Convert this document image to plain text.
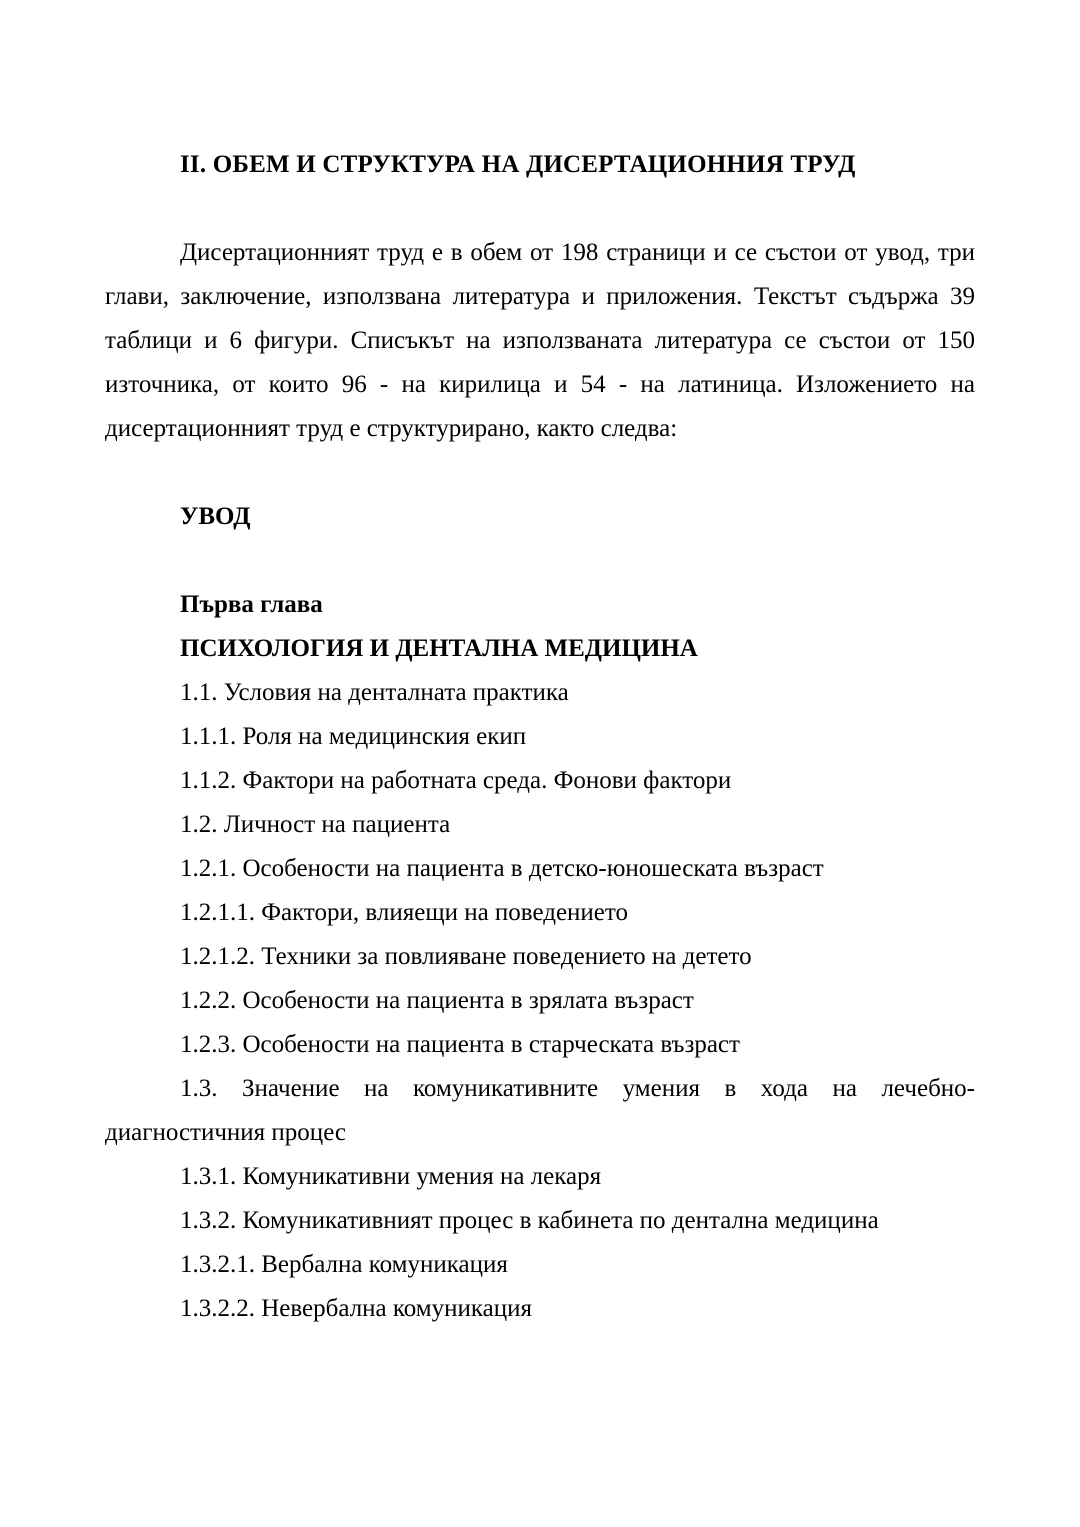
II. ОБЕМ И СТРУКТУРА НА ДИСЕРТАЦИОННИЯ ТРУД

Дисертационният труд е в обем от 198 страници и се състои от увод, три глави, заключение, използвана литература и приложения. Текстът съдържа 39 таблици и 6 фигури. Списъкът на използваната литература се състои от 150 източника, от които 96 - на кирилица и 54 - на латиница. Изложението на дисертационният труд е структурирано, както следва:

УВОД

Първа глава

ПСИХОЛОГИЯ И ДЕНТАЛНА МЕДИЦИНА

1.1. Условия на денталната практика

1.1.1. Роля на медицинския екип

1.1.2. Фактори на работната среда. Фонови фактори

1.2. Личност на пациента

1.2.1. Особености на пациента в детско-юношеската възраст

1.2.1.1. Фактори, влияещи на поведението

1.2.1.2. Техники за повлияване поведението на детето

1.2.2. Особености на пациента в зрялата възраст

1.2.3. Особености на пациента в старческата възраст

1.3. Значение на комуникативните умения в хода на лечебно-диагностичния процес

1.3.1. Комуникативни умения на лекаря

1.3.2. Комуникативният процес в кабинета по дентална медицина

1.3.2.1. Вербална комуникация

1.3.2.2. Невербална комуникация
